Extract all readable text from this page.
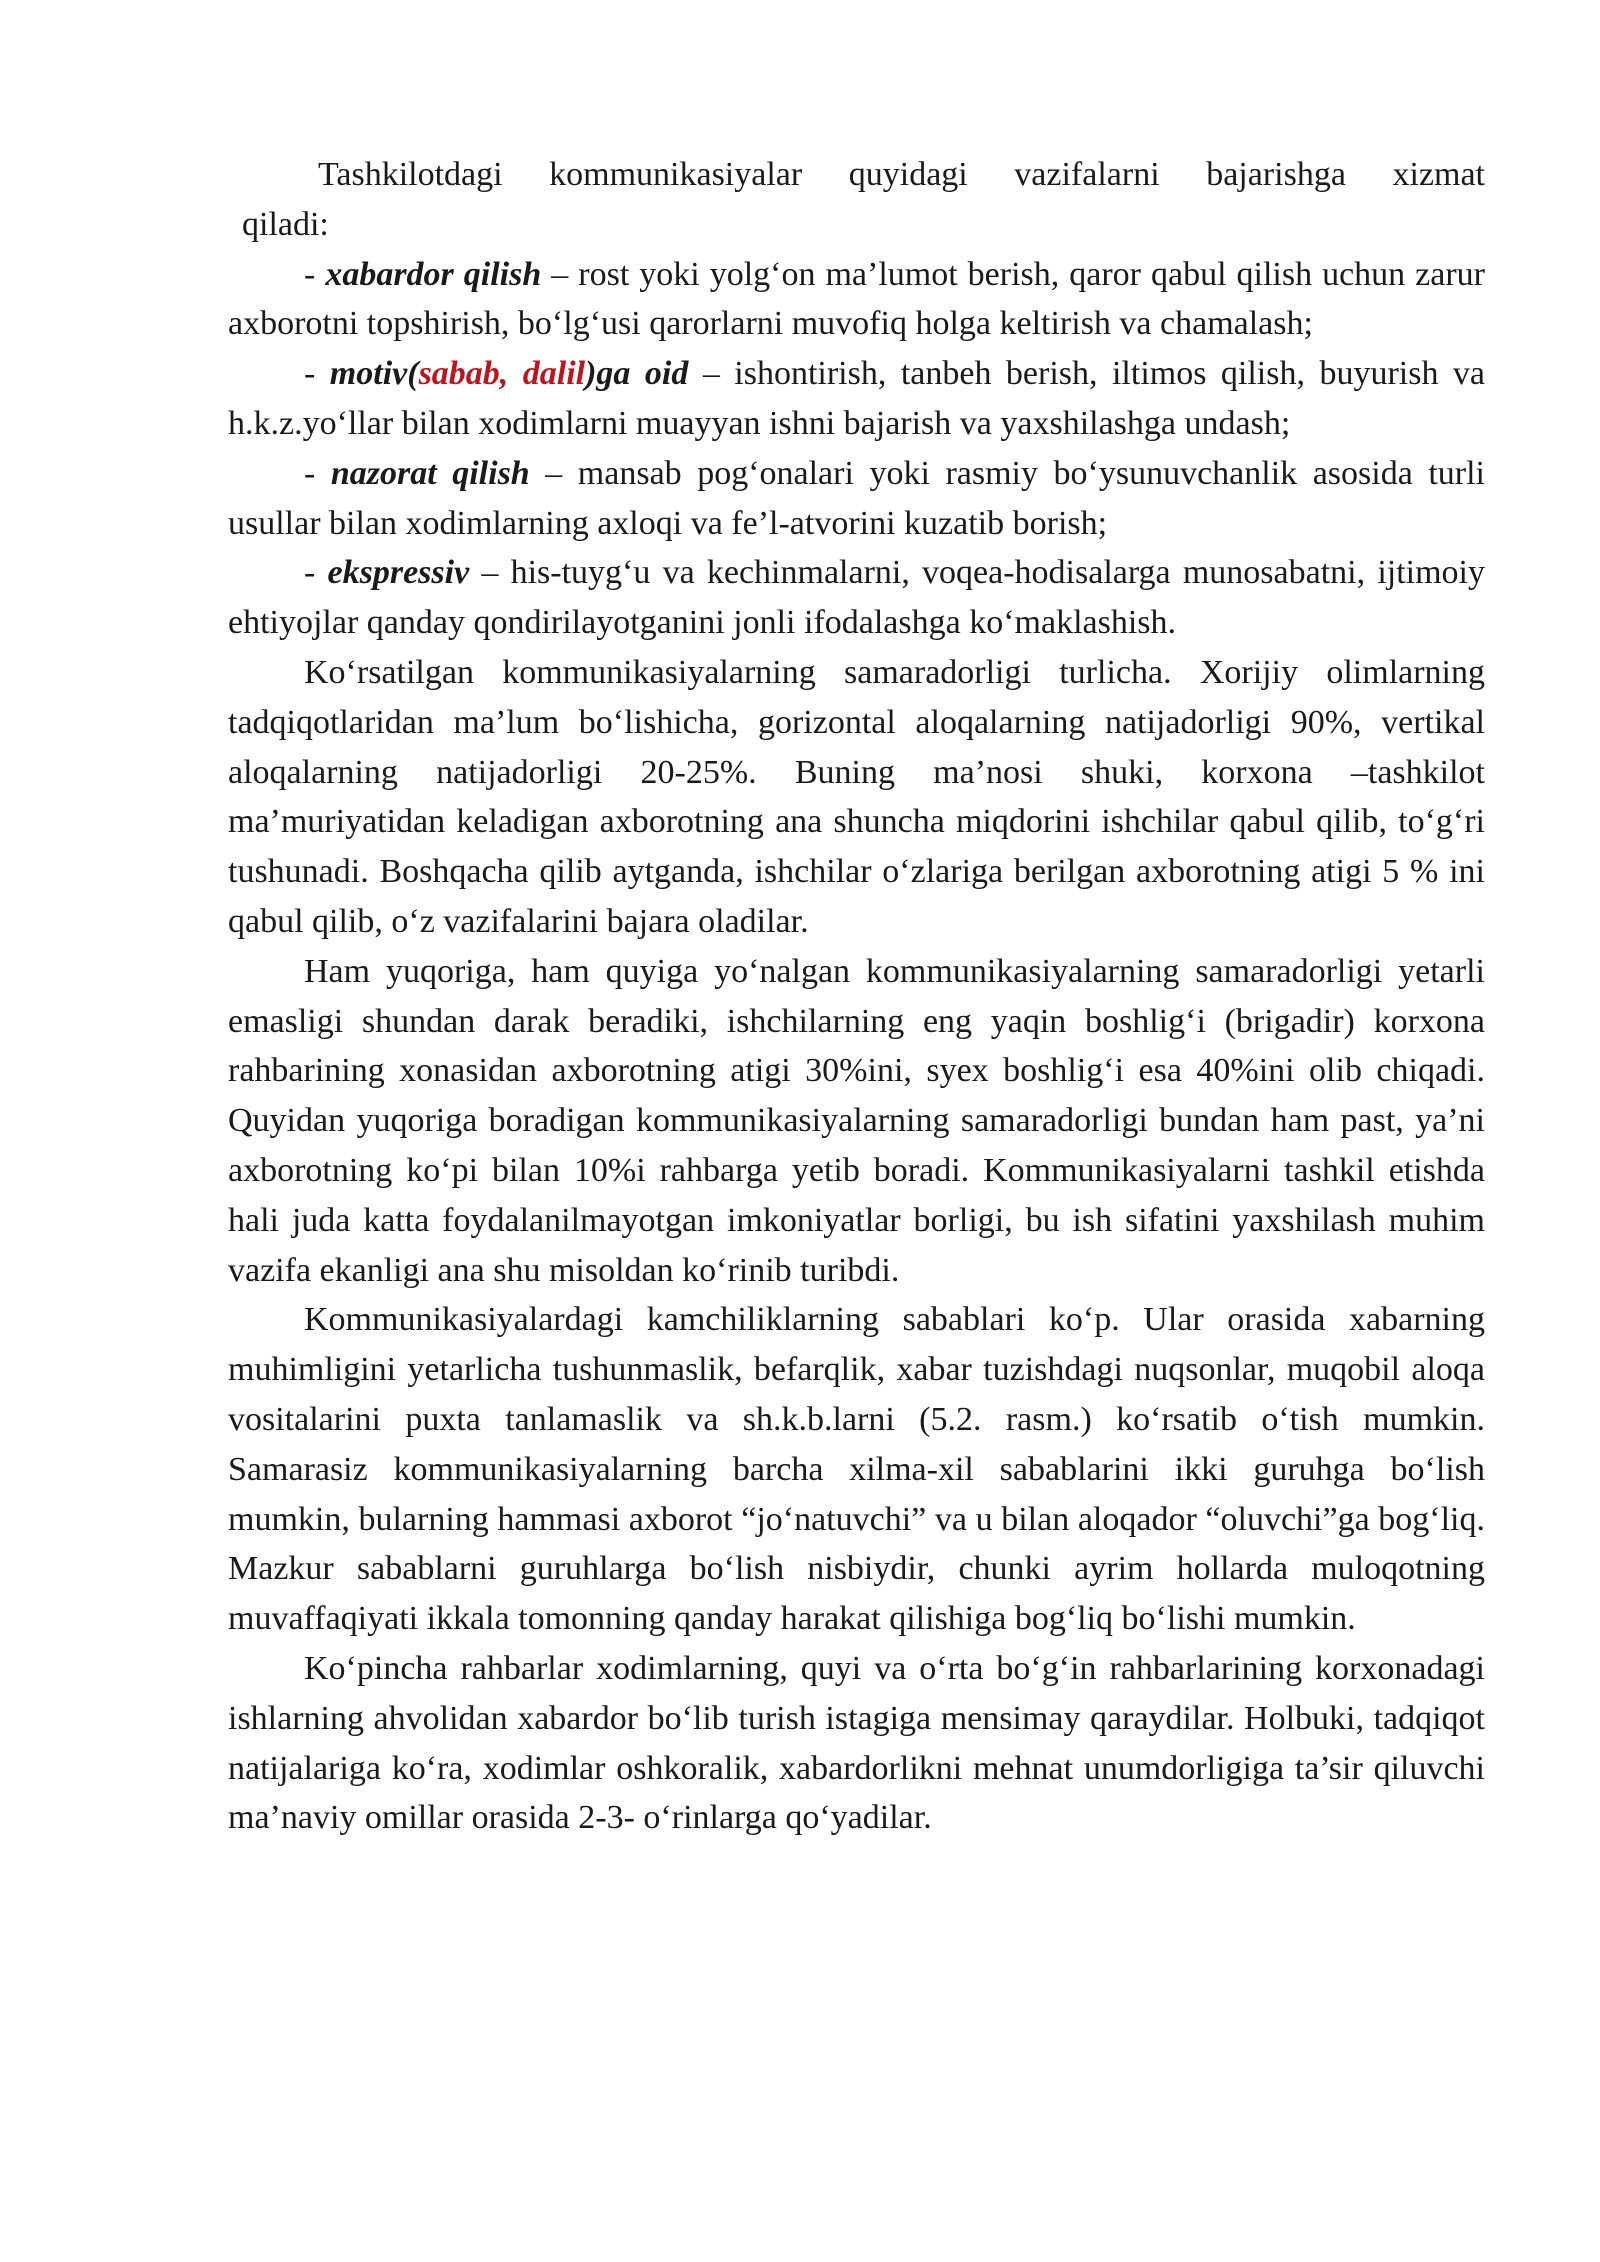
Tashkilotdagi kommunikasiyalar quyidagi vazifalarni bajarishga xizmat

qiladi:

- xabardor qilish – rost yoki yolg‘on ma’lumot berish, qaror qabul qilish uchun zarur axborotni topshirish, bo‘lg‘usi qarorlarni muvofiq holga keltirish va chamalash;

- motiv(sabab, dalil)ga oid – ishontirish, tanbeh berish, iltimos qilish, buyurish va h.k.z.yo‘llar bilan xodimlarni muayyan ishni bajarish va yaxshilashga undash;

- nazorat qilish – mansab pog‘onalari yoki rasmiy bo‘ysunuvchanlik asosida turli usullar bilan xodimlarning axloqi va fe’l-atvorini kuzatib borish;

- ekspressiv – his-tuyg‘u va kechinmalarni, voqea-hodisalarga munosabatni, ijtimoiy ehtiyojlar qanday qondirilayotganini jonli ifodalashga ko‘maklashish.

Ko‘rsatilgan kommunikasiyalarning samaradorligi turlicha. Xorijiy olimlarning tadqiqotlaridan ma’lum bo‘lishicha, gorizontal aloqalarning natijadorligi 90%, vertikal aloqalarning natijadorligi 20-25%. Buning ma’nosi shuki, korxona –tashkilot ma’muriyatidan keladigan axborotning ana shuncha miqdorini ishchilar qabul qilib, to‘g‘ri tushunadi. Boshqacha qilib aytganda, ishchilar o‘zlariga berilgan axborotning atigi 5 % ini qabul qilib, o‘z vazifalarini bajara oladilar.

Ham yuqoriga, ham quyiga yo‘nalgan kommunikasiyalarning samaradorligi yetarli emasligi shundan darak beradiki, ishchilarning eng yaqin boshlig‘i (brigadir) korxona rahbarining xonasidan axborotning atigi 30%ini, syex boshlig‘i esa 40%ini olib chiqadi. Quyidan yuqoriga boradigan kommunikasiyalarning samaradorligi bundan ham past, ya’ni axborotning ko‘pi bilan 10%i rahbarga yetib boradi. Kommunikasiyalarni tashkil etishda hali juda katta foydalanilmayotgan imkoniyatlar borligi, bu ish sifatini yaxshilash muhim vazifa ekanligi ana shu misoldan ko‘rinib turibdi.

Kommunikasiyalardagi kamchiliklarning sabablari ko‘p. Ular orasida xabarning muhimligini yetarlicha tushunmaslik, befarqlik, xabar tuzishdagi nuqsonlar, muqobil aloqa vositalarini puxta tanlamaslik va sh.k.b.larni (5.2. rasm.) ko‘rsatib o‘tish mumkin. Samarasiz kommunikasiyalarning barcha xilma-xil sabablarini ikki guruhga bo‘lish mumkin, bularning hammasi axborot “jo‘natuvchi” va u bilan aloqador “oluvchi”ga bog‘liq. Mazkur sabablarni guruhlarga bo‘lish nisbiydir, chunki ayrim hollarda muloqotning muvaffaqiyati ikkala tomonning qanday harakat qilishiga bog‘liq bo‘lishi mumkin.

Ko‘pincha rahbarlar xodimlarning, quyi va o‘rta bo‘g‘in rahbarlarining korxonadagi ishlarning ahvolidan xabardor bo‘lib turish istagiga mensimay qaraydilar. Holbuki, tadqiqot natijalariga ko‘ra, xodimlar oshkoralik, xabardorlikni mehnat unumdorligiga ta’sir qiluvchi ma’naviy omillar orasida 2-3- o‘rinlarga qo‘yadilar.
